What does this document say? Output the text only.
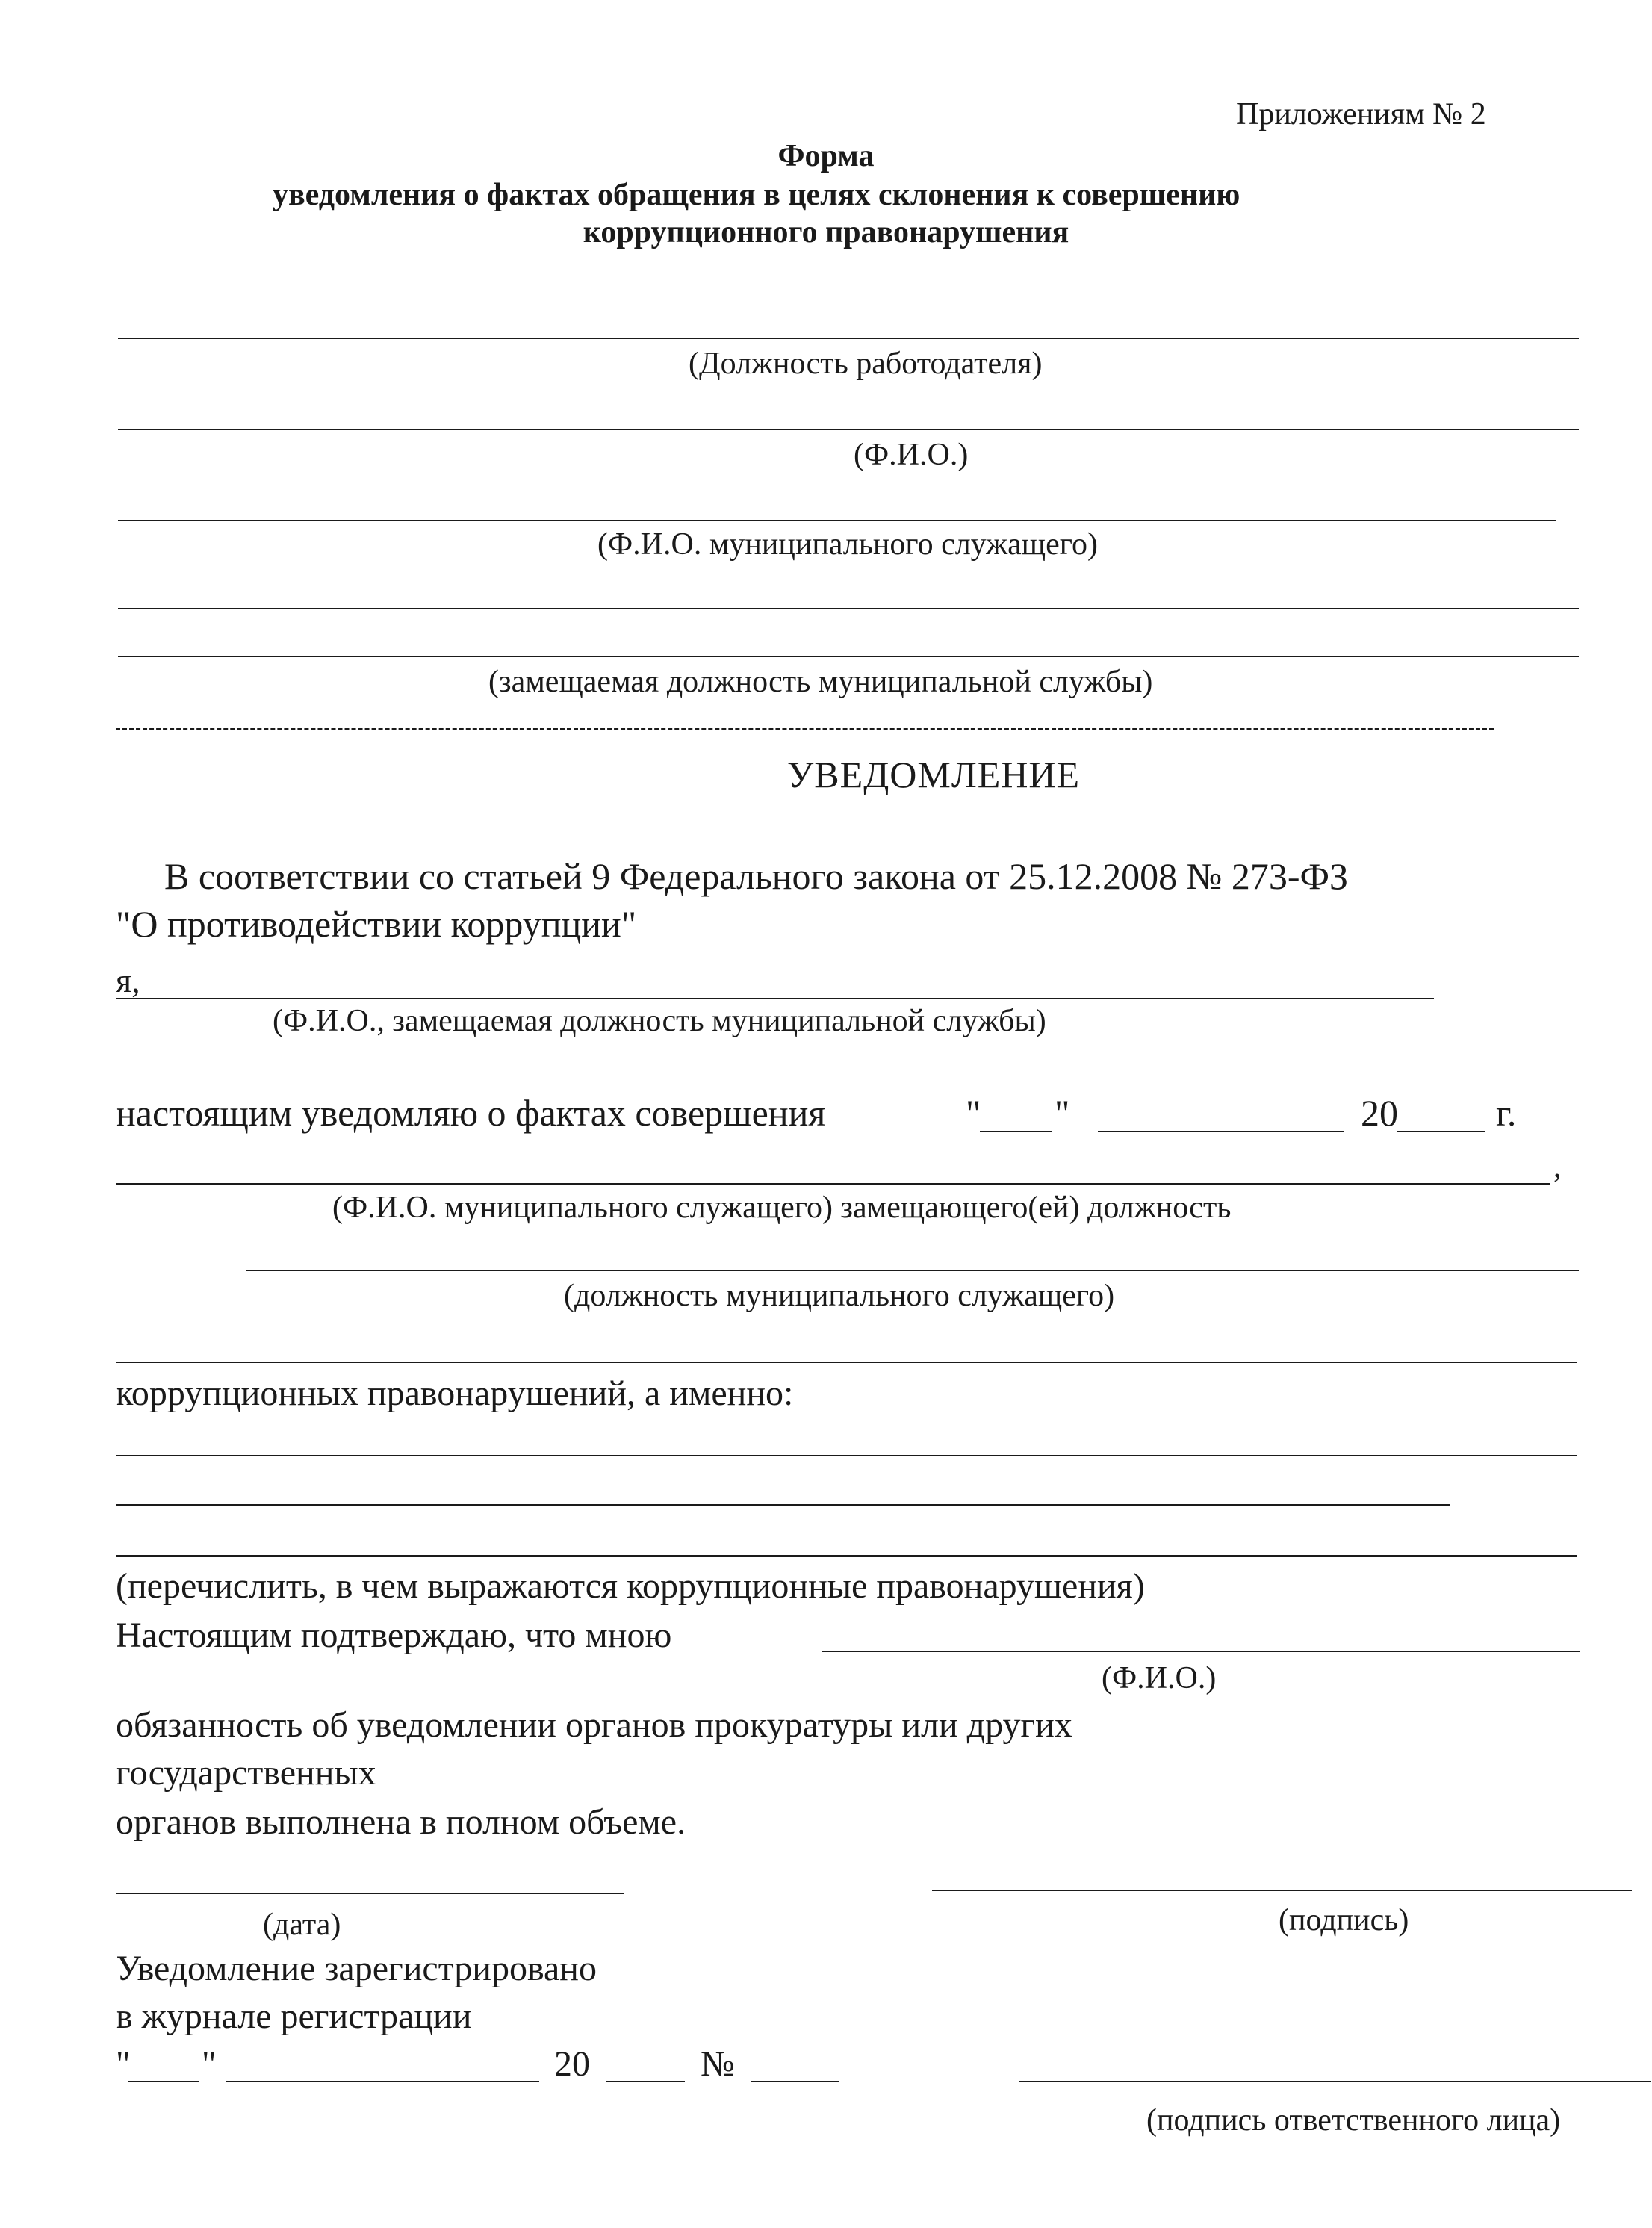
Приложениям № 2
Форма
уведомления о фактах обращения в целях склонения к совершению
коррупционного правонарушения
(Должность работодателя)
(Ф.И.О.)
(Ф.И.О. муниципального служащего)
(замещаемая должность муниципальной службы)
УВЕДОМЛЕНИЕ
В соответствии со статьей 9 Федерального закона от 25.12.2008 № 273-ФЗ
"О противодействии коррупции"
я,
(Ф.И.О., замещаемая должность муниципальной службы)
настоящим уведомляю о фактах совершения	" "	20	г.
,
(Ф.И.О. муниципального служащего) замещающего(ей) должность
(должность муниципального служащего)
коррупционных правонарушений, а именно:
(перечислить, в чем выражаются коррупционные правонарушения)
Настоящим подтверждаю, что мною
(Ф.И.О.)
обязанность об уведомлении органов прокуратуры или других
государственных
органов выполнена в полном объеме.
(дата)	(подпись)
Уведомление зарегистрировано
в журнале регистрации
" "	20	№
(подпись ответственного лица)
